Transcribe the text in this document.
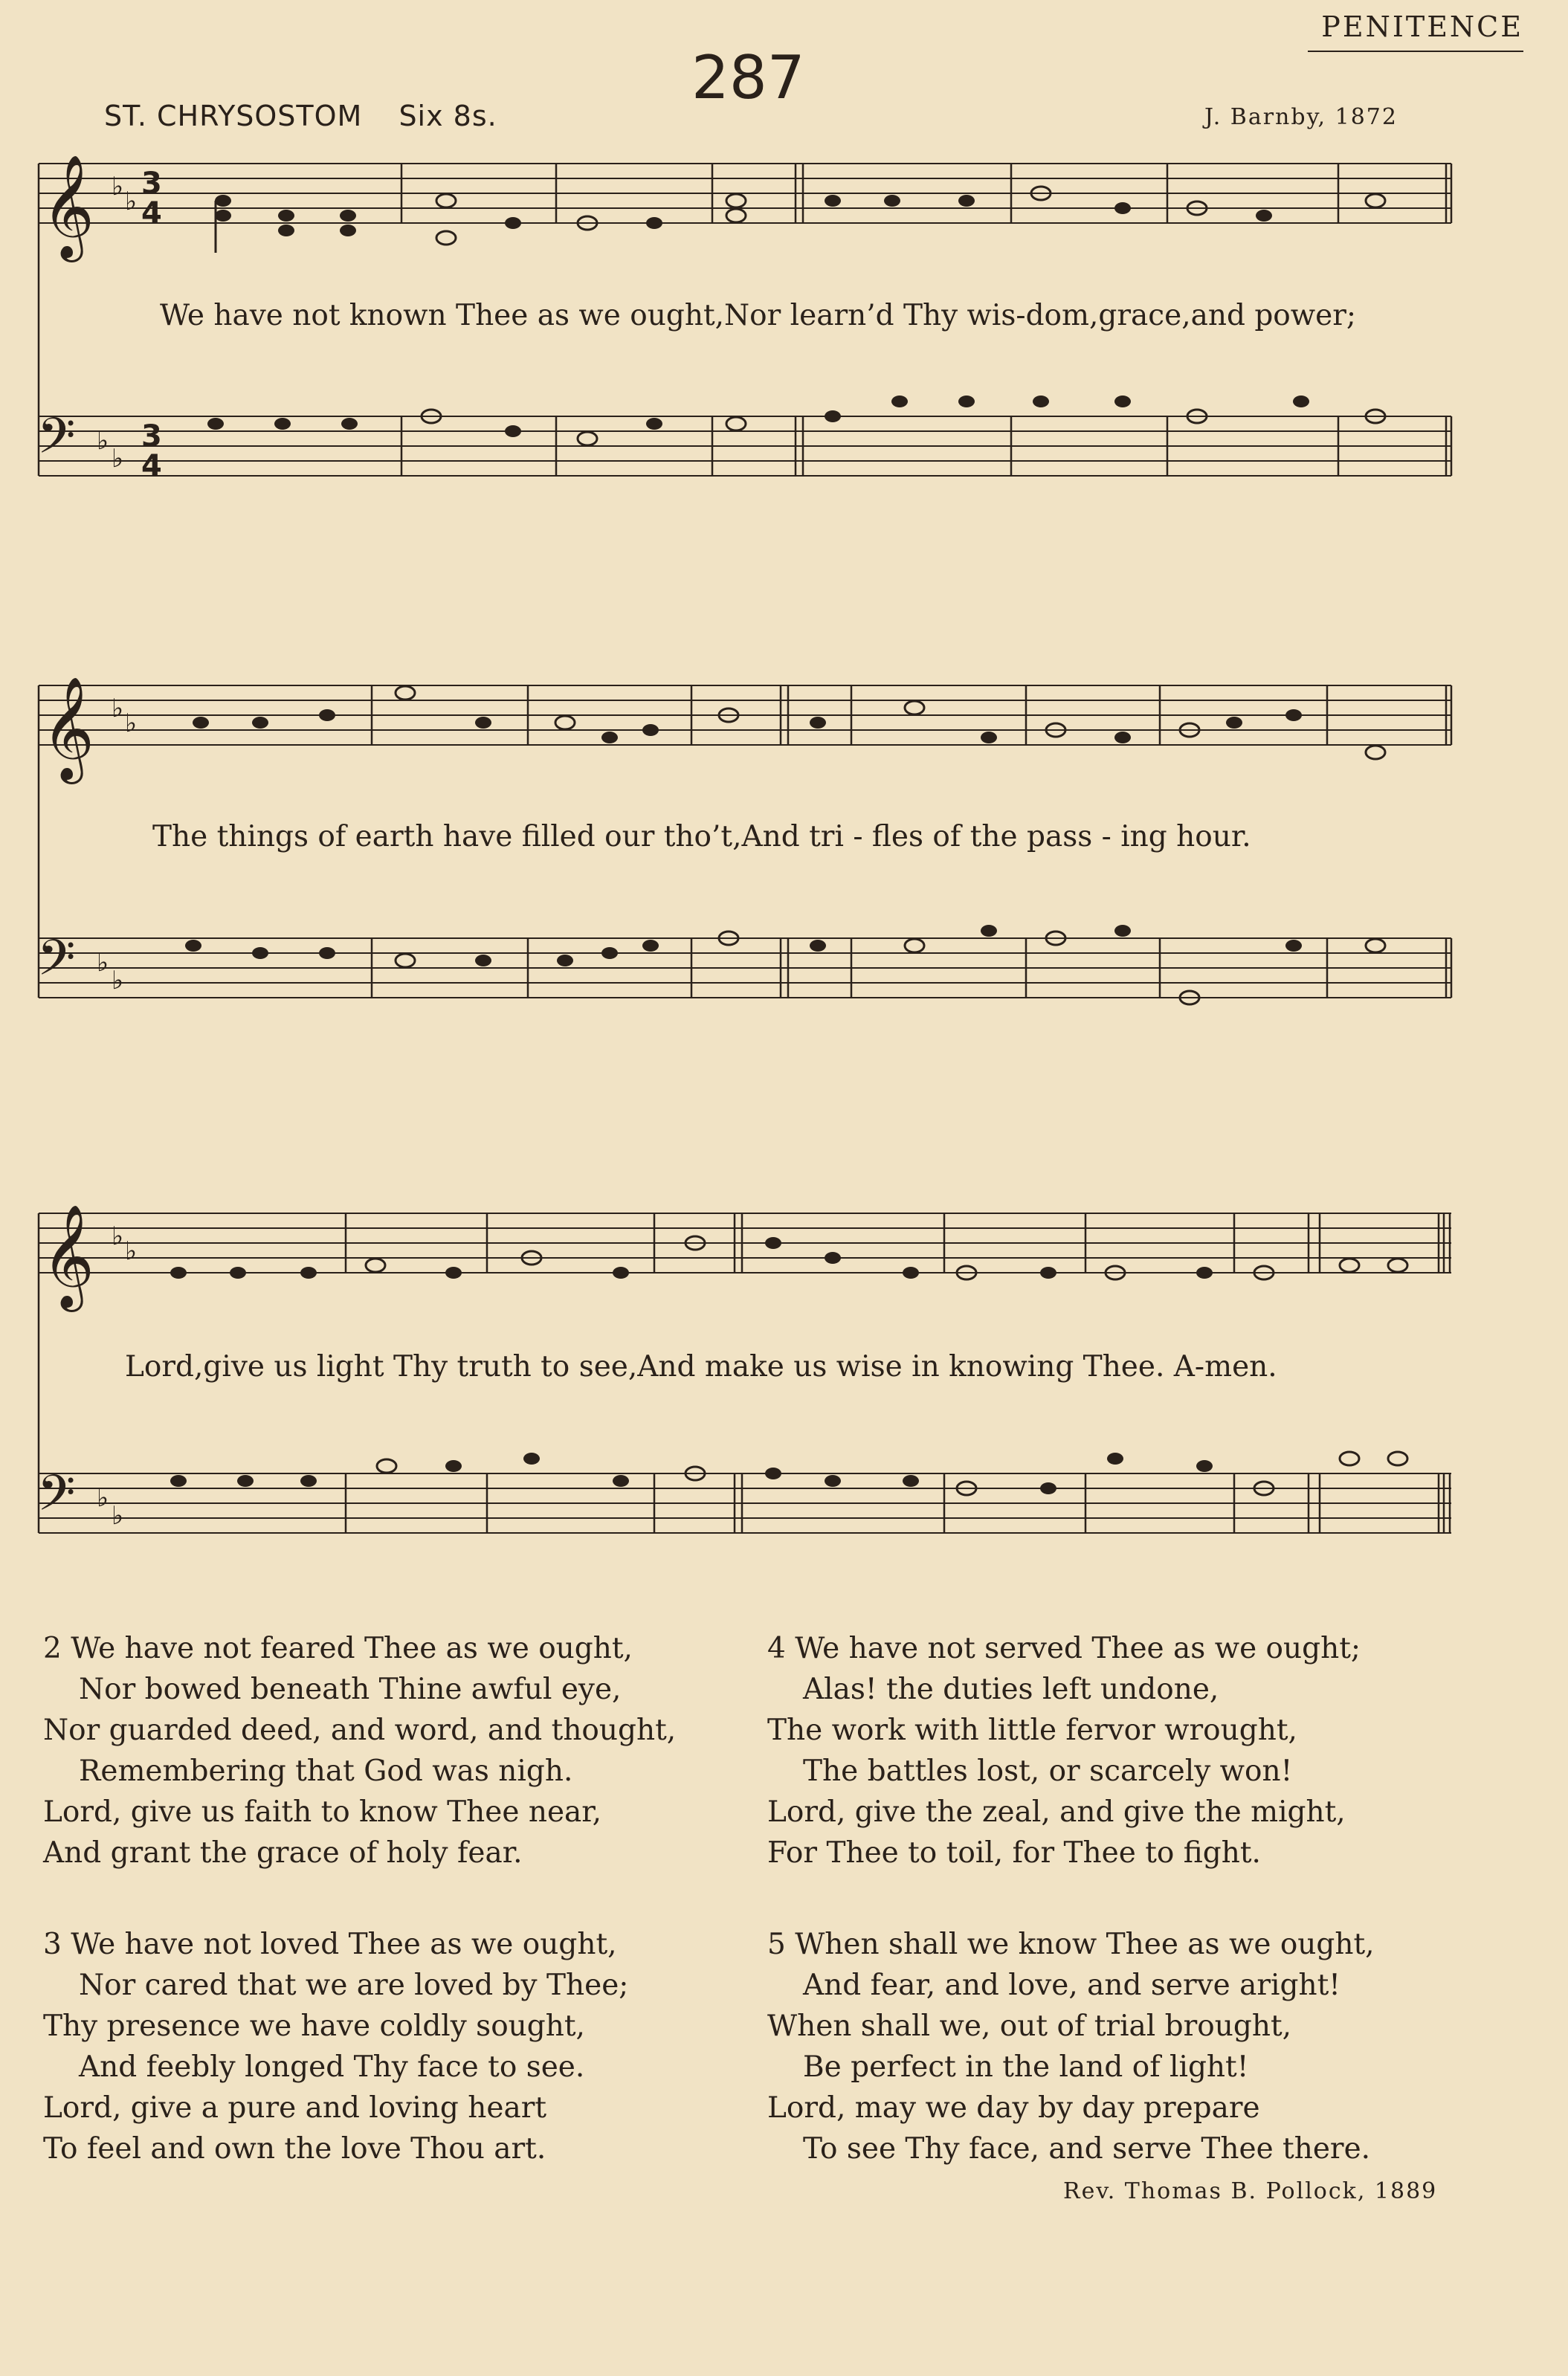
PENITENCE
287
ST. CHRYSOSTOM Six 8s.	J. Barnby, 1872
𝄞 ♭ ♭
3
4
𝄢 ♭
♭
3
4
𝄞 ♭ ♭
𝄢 ♭
♭
𝄞 ♭ ♭
𝄢 ♭
♭
We have not known Thee as we ought,Nor learn’d Thy wis-dom,grace,and power;
The things of earth have filled our tho’t,And tri - fles of the pass - ing hour.
Lord,give us light Thy truth to see,And make us wise in knowing Thee. A-men.
2 We have not feared Thee as we ought,
Nor bowed beneath Thine awful eye,
Nor guarded deed, and word, and thought,
Remembering that God was nigh.
Lord, give us faith to know Thee near,
And grant the grace of holy fear.
3 We have not loved Thee as we ought,
Nor cared that we are loved by Thee;
Thy presence we have coldly sought,
And feebly longed Thy face to see.
Lord, give a pure and loving heart
To feel and own the love Thou art.
4 We have not served Thee as we ought;
Alas! the duties left undone,
The work with little fervor wrought,
The battles lost, or scarcely won!
Lord, give the zeal, and give the might,
For Thee to toil, for Thee to fight.
5 When shall we know Thee as we ought,
And fear, and love, and serve aright!
When shall we, out of trial brought,
Be perfect in the land of light!
Lord, may we day by day prepare
To see Thy face, and serve Thee there.
Rev. Thomas B. Pollock, 1889
